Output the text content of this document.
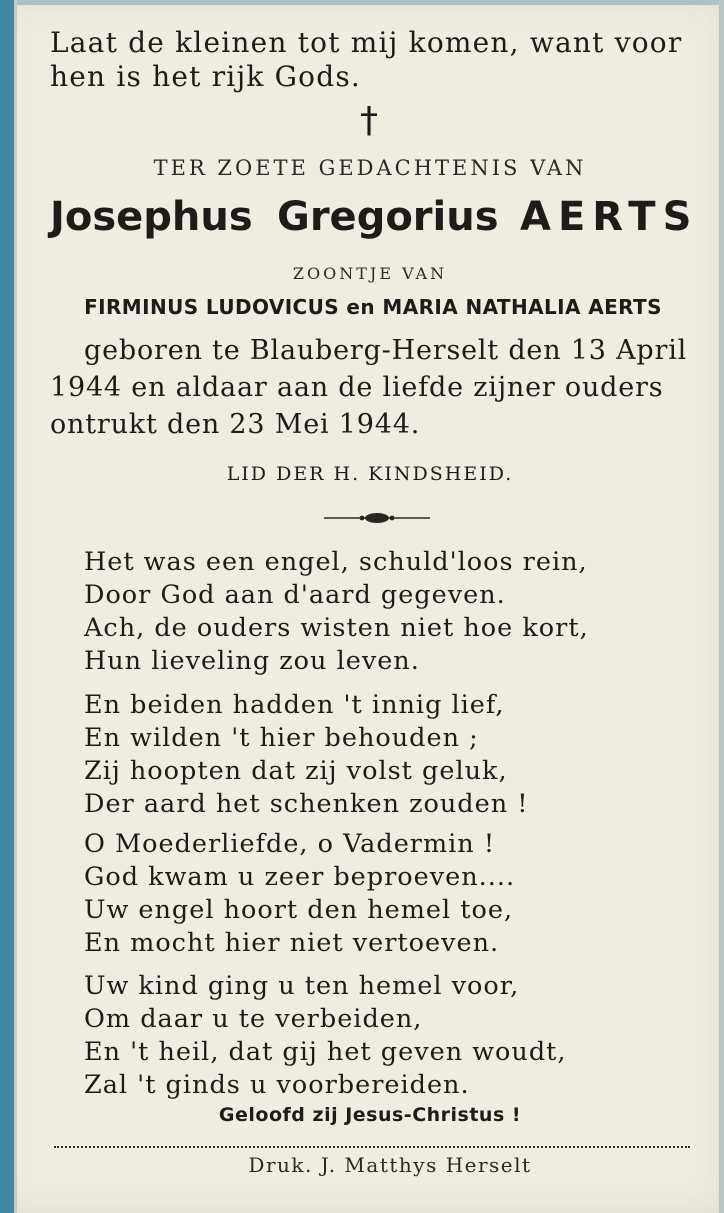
Laat de kleinen tot mij komen, want voor
hen is het rijk Gods.
†
TER ZOETE GEDACHTENIS VAN
Josephus Gregorius AERTS
ZOONTJE VAN
FIRMINUS LUDOVICUS en MARIA NATHALIA AERTS
geboren te Blauberg-Herselt den 13 April
1944 en aldaar aan de liefde zijner ouders
ontrukt den 23 Mei 1944.
LID DER H. KINDSHEID.
Het was een engel, schuld'loos rein,
Door God aan d'aard gegeven.
Ach, de ouders wisten niet hoe kort,
Hun lieveling zou leven.
En beiden hadden 't innig lief,
En wilden 't hier behouden ;
Zij hoopten dat zij volst geluk,
Der aard het schenken zouden !
O Moederliefde, o Vadermin !
God kwam u zeer beproeven....
Uw engel hoort den hemel toe,
En mocht hier niet vertoeven.
Uw kind ging u ten hemel voor,
Om daar u te verbeiden,
En 't heil, dat gij het geven woudt,
Zal 't ginds u voorbereiden.
Geloofd zij Jesus-Christus !
Druk. J. Matthys Herselt
